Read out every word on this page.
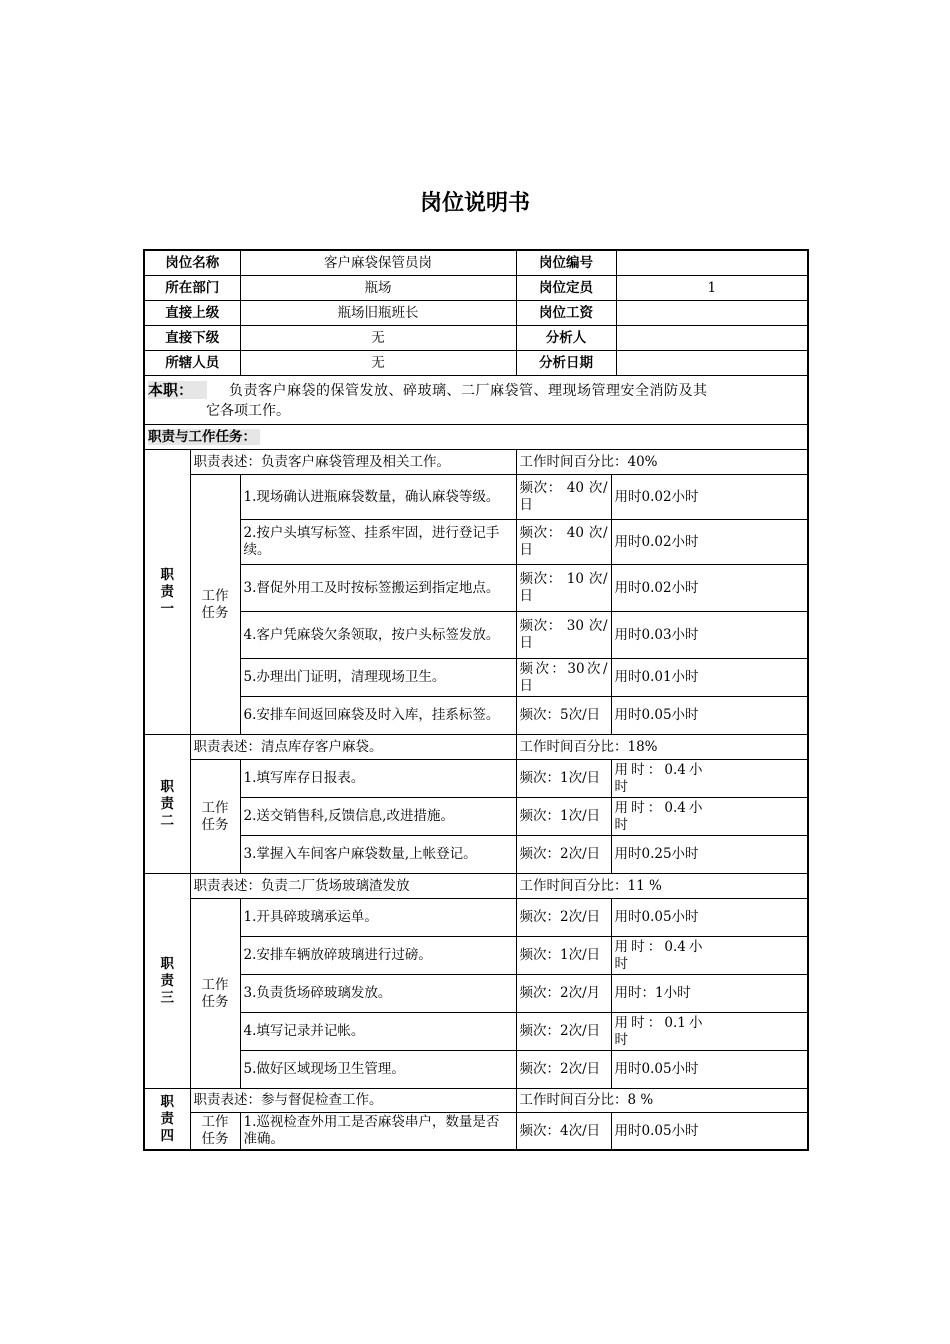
岗位说明书
岗位名称		客户麻袋保管员岗	岗位编号		
所在部门		瓶场	岗位定员		1
直接上级		瓶场旧瓶班长	岗位工资		
直接下级		无	分析人		
所辖人员		无	分析日期		

本职： 负责客户麻袋的保管发放、碎玻璃、二厂麻袋管、理现场管理安全消防及其
它各项工作。					

职责与工作任务：					
职责一	职责表述：负责客户麻袋管理及相关工作。		工作时间百分比：40%		
	工作任务	1.现场确认进瓶麻袋数量，确认麻袋等级。	频次： 40 次/日	用时0.02小时	
		2.按户头填写标签、挂系牢固，进行登记手续。	频次： 40 次/日	用时0.02小时	
		3.督促外用工及时按标签搬运到指定地点。	频次： 10 次/日	用时0.02小时	
		4.客户凭麻袋欠条领取，按户头标签发放。	频次： 30 次/日	用时0.03小时	
		5.办理出门证明，清理现场卫生。	频次：30次/日	用时0.01小时	
		6.安排车间返回麻袋及时入库，挂系标签。	频次：5次/日	用时0.05小时	
职责二	职责表述：清点库存客户麻袋。		工作时间百分比：18%		
	工作任务	1.填写库存日报表。	频次：1次/日	用时：0.4小时	
		2.送交销售科,反馈信息,改进措施。	频次：1次/日	用时：0.4小时	
		3.掌握入车间客户麻袋数量,上帐登记。	频次：2次/日	用时0.25小时	
职责三	职责表述：负责二厂货场玻璃渣发放		工作时间百分比：11 %		
	工作任务	1.开具碎玻璃承运单。	频次：2次/日	用时0.05小时	
		2.安排车辆放碎玻璃进行过磅。	频次：1次/日	用时：0.4小时	
		3.负责货场碎玻璃发放。	频次：2次/月	用时：1小时	
		4.填写记录并记帐。	频次：2次/日	用时：0.1小时	
		5.做好区域现场卫生管理。	频次：2次/日	用时0.05小时	
职责四	职责表述：参与督促检查工作。		工作时间百分比：8 %		
	工作任务	1.巡视检查外用工是否麻袋串户，数量是否准确。	频次：4次/日	用时0.05小时	
